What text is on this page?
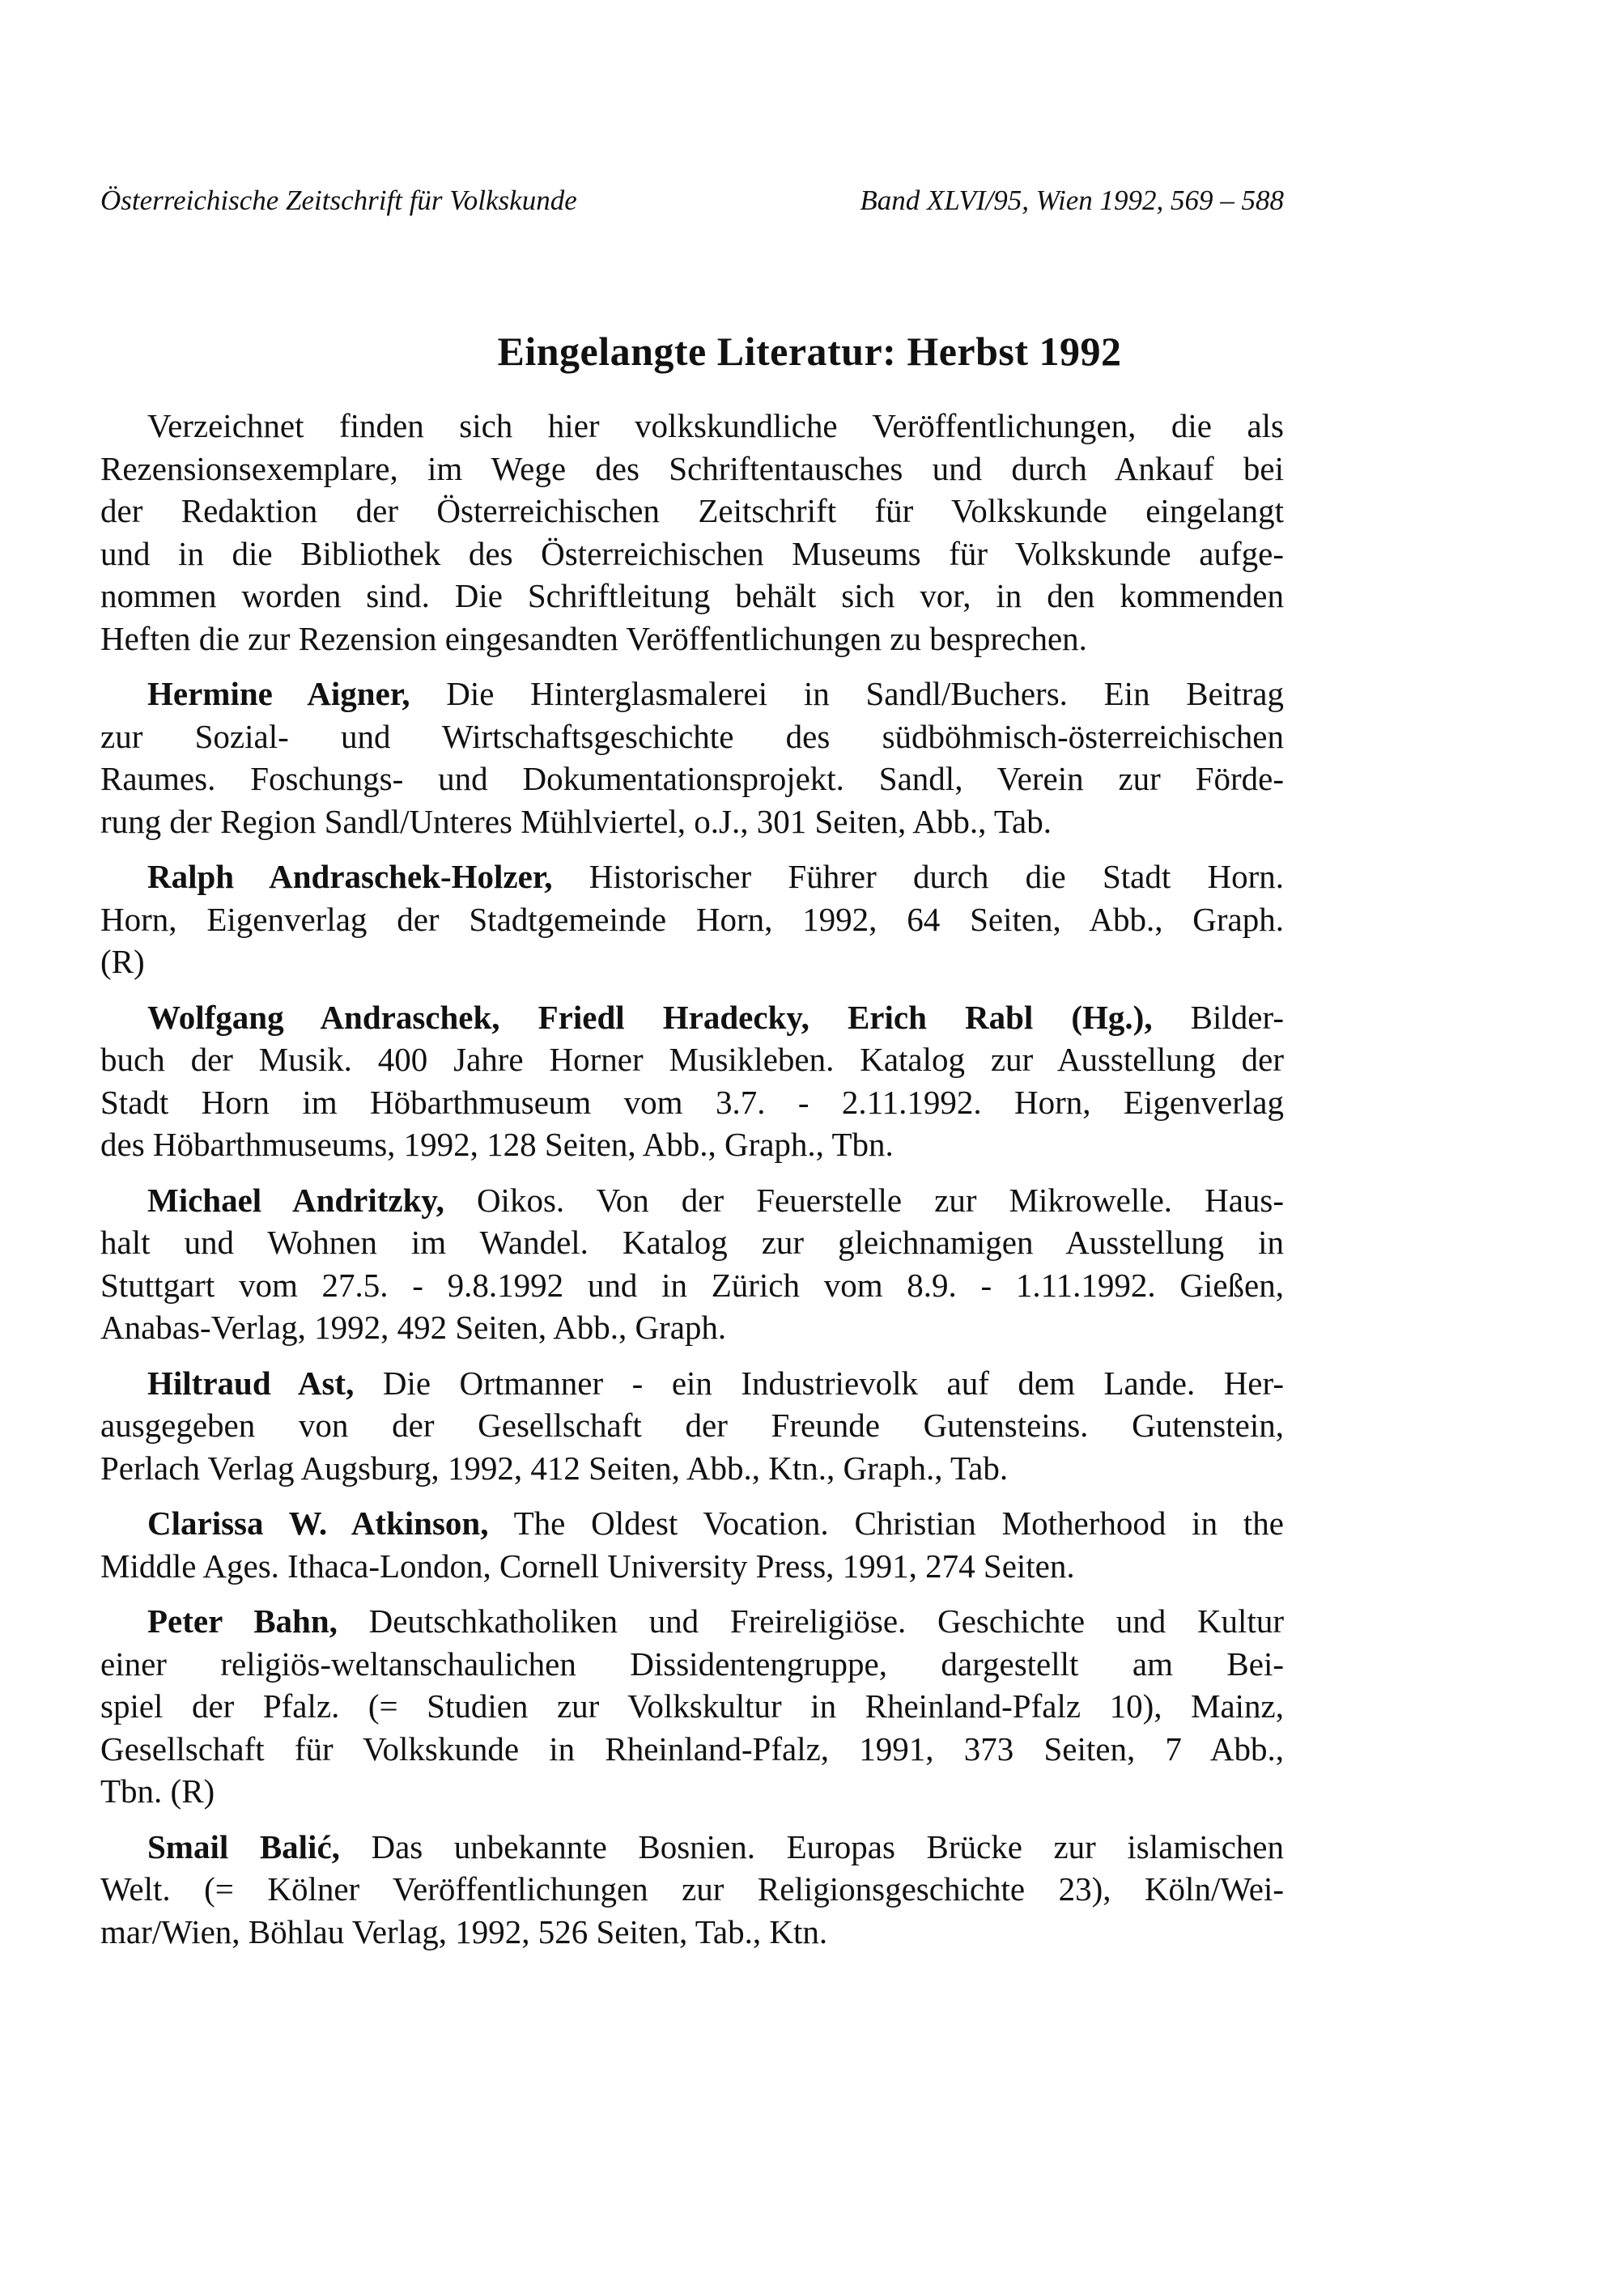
Österreichische Zeitschrift für Volkskunde	Band XLVI/95, Wien 1992, 569 – 588
Eingelangte Literatur: Herbst 1992
Verzeichnet finden sich hier volkskundliche Veröffentlichungen, die als
Rezensionsexemplare, im Wege des Schriftentausches und durch Ankauf bei
der Redaktion der Österreichischen Zeitschrift für Volkskunde eingelangt
und in die Bibliothek des Österreichischen Museums für Volkskunde aufge-
nommen worden sind. Die Schriftleitung behält sich vor, in den kommenden
Heften die zur Rezension eingesandten Veröffentlichungen zu besprechen.
Hermine Aigner, Die Hinterglasmalerei in Sandl/Buchers. Ein Beitrag
zur Sozial- und Wirtschaftsgeschichte des südböhmisch-österreichischen
Raumes. Foschungs- und Dokumentationsprojekt. Sandl, Verein zur Förde-
rung der Region Sandl/Unteres Mühlviertel, o.J., 301 Seiten, Abb., Tab.
Ralph Andraschek-Holzer, Historischer Führer durch die Stadt Horn.
Horn, Eigenverlag der Stadtgemeinde Horn, 1992, 64 Seiten, Abb., Graph.
(R)
Wolfgang Andraschek, Friedl Hradecky, Erich Rabl (Hg.), Bilder-
buch der Musik. 400 Jahre Horner Musikleben. Katalog zur Ausstellung der
Stadt Horn im Höbarthmuseum vom 3.7. - 2.11.1992. Horn, Eigenverlag
des Höbarthmuseums, 1992, 128 Seiten, Abb., Graph., Tbn.
Michael Andritzky, Oikos. Von der Feuerstelle zur Mikrowelle. Haus-
halt und Wohnen im Wandel. Katalog zur gleichnamigen Ausstellung in
Stuttgart vom 27.5. - 9.8.1992 und in Zürich vom 8.9. - 1.11.1992. Gießen,
Anabas-Verlag, 1992, 492 Seiten, Abb., Graph.
Hiltraud Ast, Die Ortmanner - ein Industrievolk auf dem Lande. Her-
ausgegeben von der Gesellschaft der Freunde Gutensteins. Gutenstein,
Perlach Verlag Augsburg, 1992, 412 Seiten, Abb., Ktn., Graph., Tab.
Clarissa W. Atkinson, The Oldest Vocation. Christian Motherhood in the
Middle Ages. Ithaca-London, Cornell University Press, 1991, 274 Seiten.
Peter Bahn, Deutschkatholiken und Freireligiöse. Geschichte und Kultur
einer religiös-weltanschaulichen Dissidentengruppe, dargestellt am Bei-
spiel der Pfalz. (= Studien zur Volkskultur in Rheinland-Pfalz 10), Mainz,
Gesellschaft für Volkskunde in Rheinland-Pfalz, 1991, 373 Seiten, 7 Abb.,
Tbn. (R)
Smail Balić, Das unbekannte Bosnien. Europas Brücke zur islamischen
Welt. (= Kölner Veröffentlichungen zur Religionsgeschichte 23), Köln/Wei-
mar/Wien, Böhlau Verlag, 1992, 526 Seiten, Tab., Ktn.
